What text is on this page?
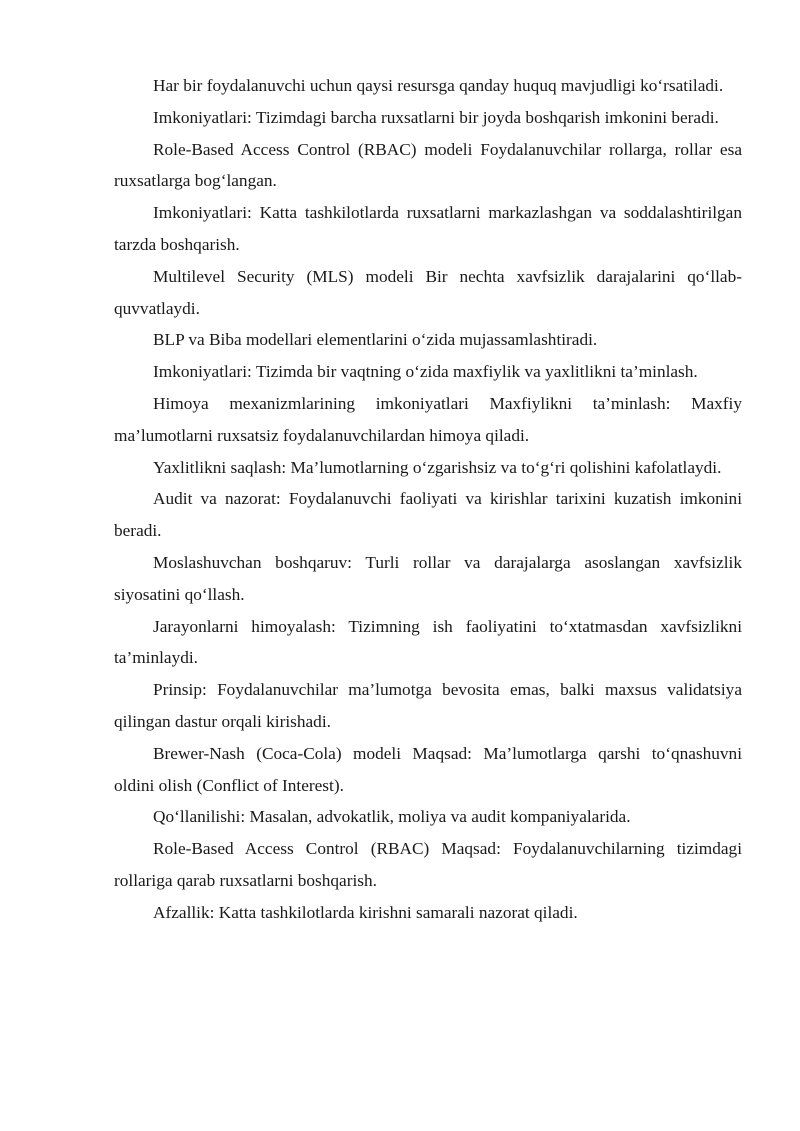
Har bir foydalanuvchi uchun qaysi resursga qanday huquq mavjudligi ko‘rsatiladi.

Imkoniyatlari: Tizimdagi barcha ruxsatlarni bir joyda boshqarish imkonini beradi.

Role-Based Access Control (RBAC) modeli Foydalanuvchilar rollarga, rollar esa ruxsatlarga bog‘langan.

Imkoniyatlari: Katta tashkilotlarda ruxsatlarni markazlashgan va soddalashtirilgan tarzda boshqarish.

Multilevel Security (MLS) modeli Bir nechta xavfsizlik darajalarini qo‘llab-quvvatlaydi.

BLP va Biba modellari elementlarini o‘zida mujassamlashtiradi.

Imkoniyatlari: Tizimda bir vaqtning o‘zida maxfiylik va yaxlitlikni ta’minlash.

Himoya mexanizmlarining imkoniyatlari Maxfiylikni ta’minlash: Maxfiy ma’lumotlarni ruxsatsiz foydalanuvchilardan himoya qiladi.

Yaxlitlikni saqlash: Ma’lumotlarning o‘zgarishsiz va to‘g‘ri qolishini kafolatlaydi.

Audit va nazorat: Foydalanuvchi faoliyati va kirishlar tarixini kuzatish imkonini beradi.

Moslashuvchan boshqaruv: Turli rollar va darajalarga asoslangan xavfsizlik siyosatini qo‘llash.

Jarayonlarni himoyalash: Tizimning ish faoliyatini to‘xtatmasdan xavfsizlikni ta’minlaydi.

Prinsip: Foydalanuvchilar ma’lumotga bevosita emas, balki maxsus validatsiya qilingan dastur orqali kirishadi.

Brewer-Nash (Coca-Cola) modeli Maqsad: Ma’lumotlarga qarshi to‘qnashuvni oldini olish (Conflict of Interest).

Qo‘llanilishi: Masalan, advokatlik, moliya va audit kompaniyalarida.

Role-Based Access Control (RBAC) Maqsad: Foydalanuvchilarning tizimdagi rollariga qarab ruxsatlarni boshqarish.

Afzallik: Katta tashkilotlarda kirishni samarali nazorat qiladi.
